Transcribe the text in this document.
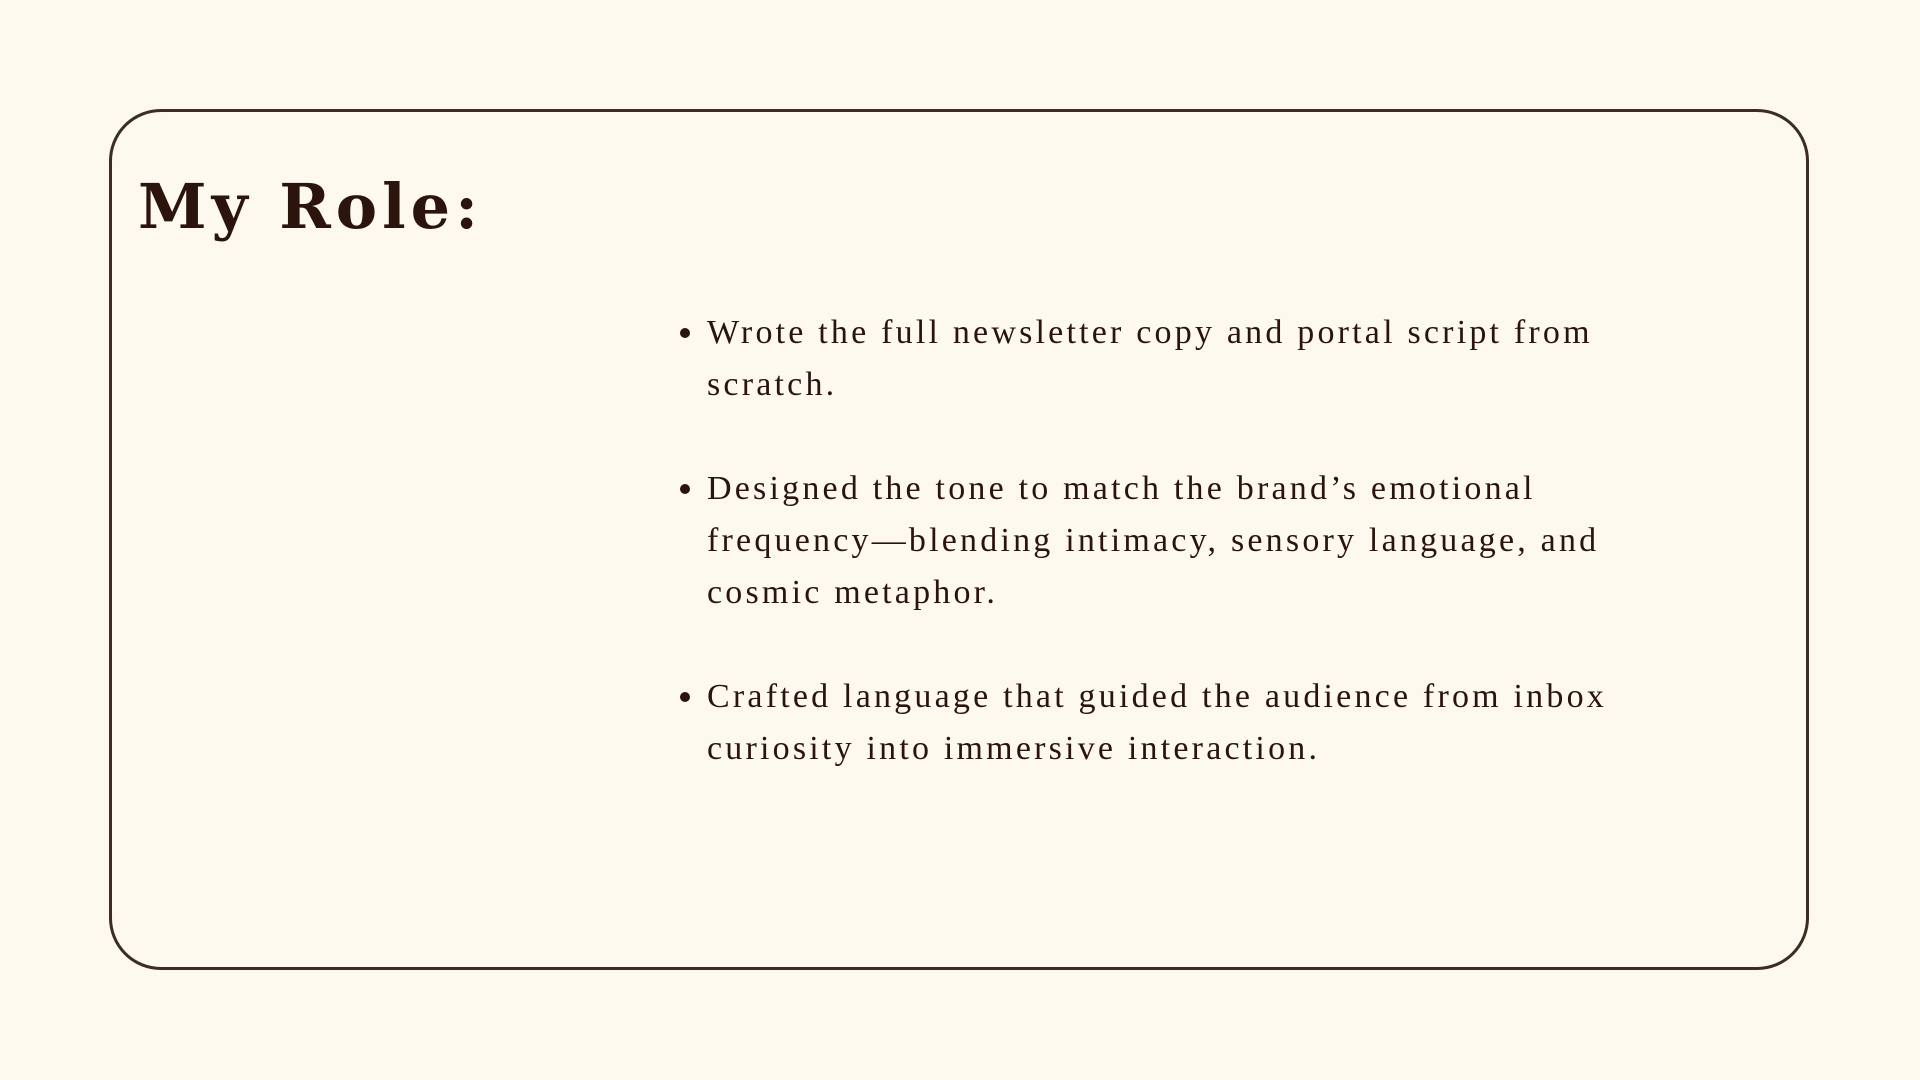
My Role:
Wrote the full newsletter copy and portal script from scratch.
Designed the tone to match the brand’s emotional frequency—blending intimacy, sensory language, and cosmic metaphor.
Crafted language that guided the audience from inbox curiosity into immersive interaction.
